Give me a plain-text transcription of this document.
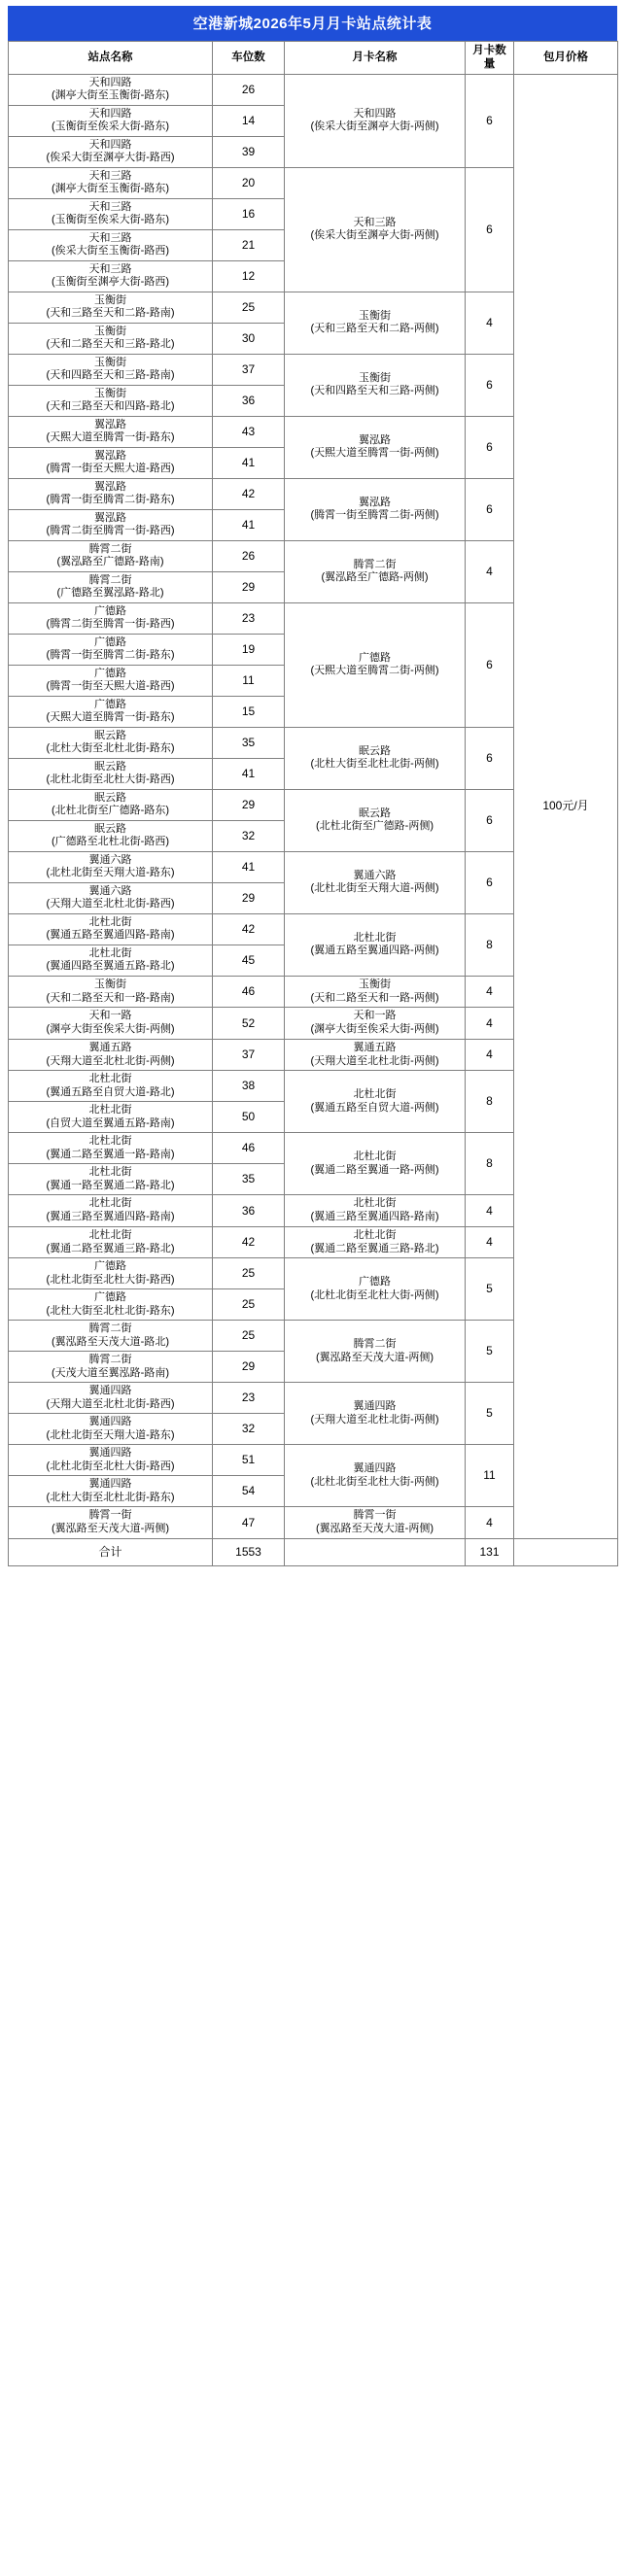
空港新城2026年5月月卡站点统计表
站点名称	车位数	月卡名称	月卡数量	包月价格

天和四路
(渊亭大街至玉衡街-路东)	26	天和四路
(俟采大街至渊亭大街-两侧)	6	100元/月

天和四路
(玉衡街至俟采大街-路东)	14			

天和四路
(俟采大街至渊亭大街-路西)	39			

天和三路
(渊亭大街至玉衡街-路东)	20	天和三路
(俟采大街至渊亭大街-两侧)	6	

天和三路
(玉衡街至俟采大街-路东)	16			

天和三路
(俟采大街至玉衡街-路西)	21			

天和三路
(玉衡街至渊亭大街-路西)	12			

玉衡街
(天和三路至天和二路-路南)	25	玉衡街
(天和三路至天和二路-两侧)	4	

玉衡街
(天和二路至天和三路-路北)	30			

玉衡街
(天和四路至天和三路-路南)	37	玉衡街
(天和四路至天和三路-两侧)	6	

玉衡街
(天和三路至天和四路-路北)	36			

翼泓路
(天熙大道至腾霄一街-路东)	43	翼泓路
(天熙大道至腾霄一街-两侧)	6	

翼泓路
(腾霄一街至天熙大道-路西)	41			

翼泓路
(腾霄一街至腾霄二街-路东)	42	翼泓路
(腾霄一街至腾霄二街-两侧)	6	

翼泓路
(腾霄二街至腾霄一街-路西)	41			

腾霄二街
(翼泓路至广德路-路南)	26	腾霄二街
(翼泓路至广德路-两侧)	4	

腾霄二街
(广德路至翼泓路-路北)	29			

广德路
(腾霄二街至腾霄一街-路西)	23	广德路
(天熙大道至腾霄二街-两侧)	6	

广德路
(腾霄一街至腾霄二街-路东)	19			

广德路
(腾霄一街至天熙大道-路西)	11			

广德路
(天熙大道至腾霄一街-路东)	15			

眠云路
(北杜大街至北杜北街-路东)	35	眠云路
(北杜大街至北杜北街-两侧)	6	

眠云路
(北杜北街至北杜大街-路西)	41			

眠云路
(北杜北街至广德路-路东)	29	眠云路
(北杜北街至广德路-两侧)	6	

眠云路
(广德路至北杜北街-路西)	32			

翼通六路
(北杜北街至天翔大道-路东)	41	翼通六路
(北杜北街至天翔大道-两侧)	6	

翼通六路
(天翔大道至北杜北街-路西)	29			

北杜北街
(翼通五路至翼通四路-路南)	42	北杜北街
(翼通五路至翼通四路-两侧)	8	

北杜北街
(翼通四路至翼通五路-路北)	45			

玉衡街
(天和二路至天和一路-路南)	46	玉衡街
(天和二路至天和一路-两侧)	4	

天和一路
(渊亭大街至俟采大街-两侧)	52	天和一路
(渊亭大街至俟采大街-两侧)	4	

翼通五路
(天翔大道至北杜北街-两侧)	37	翼通五路
(天翔大道至北杜北街-两侧)	4	

北杜北街
(翼通五路至自贸大道-路北)	38	北杜北街
(翼通五路至自贸大道-两侧)	8	

北杜北街
(自贸大道至翼通五路-路南)	50			

北杜北街
(翼通二路至翼通一路-路南)	46	北杜北街
(翼通二路至翼通一路-两侧)	8	

北杜北街
(翼通一路至翼通二路-路北)	35			

北杜北街
(翼通三路至翼通四路-路南)	36	北杜北街
(翼通三路至翼通四路-路南)	4	

北杜北街
(翼通二路至翼通三路-路北)	42	北杜北街
(翼通二路至翼通三路-路北)	4	

广德路
(北杜北街至北杜大街-路西)	25	广德路
(北杜北街至北杜大街-两侧)	5	

广德路
(北杜大街至北杜北街-路东)	25			

腾霄二街
(翼泓路至天茂大道-路北)	25	腾霄二街
(翼泓路至天茂大道-两侧)	5	

腾霄二街
(天茂大道至翼泓路-路南)	29			

翼通四路
(天翔大道至北杜北街-路西)	23	翼通四路
(天翔大道至北杜北街-两侧)	5	

翼通四路
(北杜北街至天翔大道-路东)	32			

翼通四路
(北杜北街至北杜大街-路西)	51	翼通四路
(北杜北街至北杜大街-两侧)	11	

翼通四路
(北杜大街至北杜北街-路东)	54			

腾霄一街
(翼泓路至天茂大道-两侧)	47	腾霄一街
(翼泓路至天茂大道-两侧)	4	
合计	1553		131	
